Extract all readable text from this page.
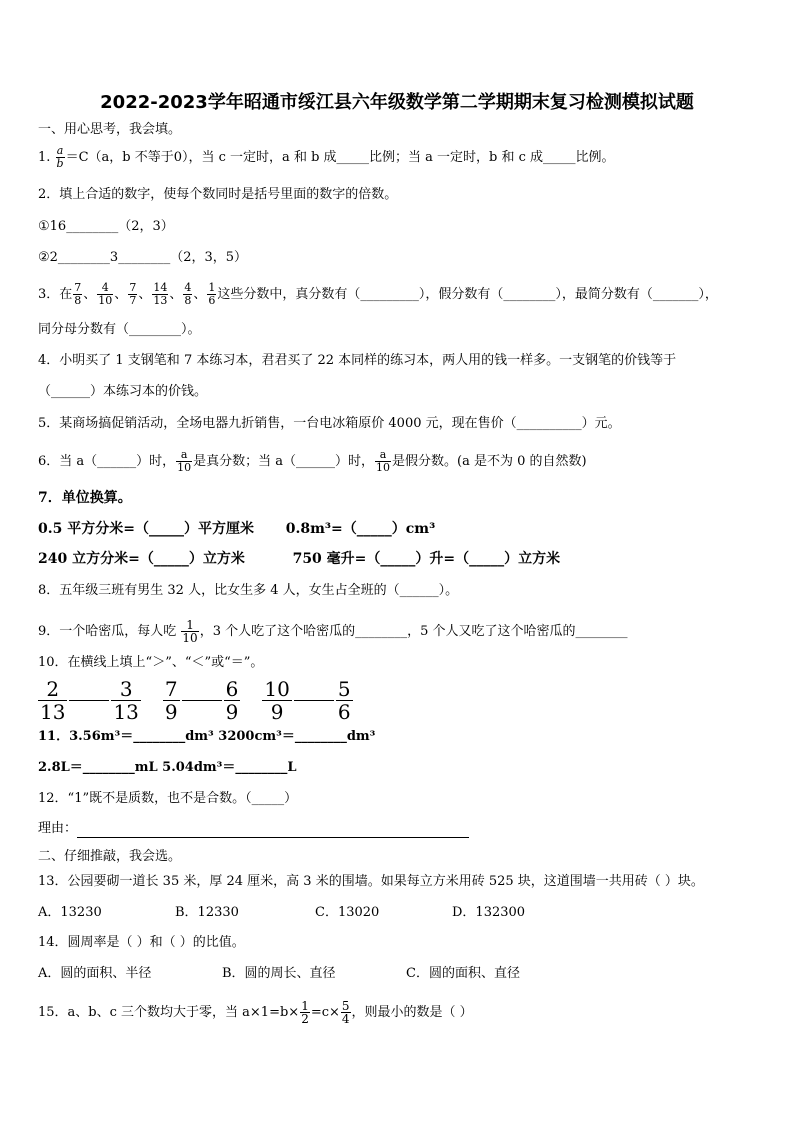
2022-2023学年昭通市绥江县六年级数学第二学期期末复习检测模拟试题
一、用心思考，我会填。
1. $\frac{a}{b} =C(a$，b 不等于0），当 c 一定时，a 和 b 成_____比例；当 a 一定时，b 和 c 成_____比例。
2．填上合适的数字，使每个数同时是括号里面的数字的倍数。
①16________（2，3）
②2________3________（2，3，5）
3．在 $\frac{7}{8}$ 、 $\frac{4}{10}$ 、 $\frac{7}{7}$ 、 $\frac{14}{13}$ 、 $\frac{4}{8}$ 、 $\frac{1}{6}$ 这些分数中，真分数有（_________），假分数有（________），最简分数有（_______），
同分母分数有（________）。
4．小明买了 1 支钢笔和 7 本练习本，君君买了 22 本同样的练习本，两人用的钱一样多。一支钢笔的价钱等于
（______）本练习本的价钱。
5．某商场搞促销活动，全场电器九折销售，一台电冰箱原价 4000 元，现在售价（__________）元。
6．当 a（______）时， $\frac{a}{10}$ 是真分数；当 a（______）时， $\frac{a}{10}$ 是假分数。(a 是不为 0 的自然数)
7．单位换算。
0.5 平方分米=（_____）平方厘米 0.8m³=（_____）cm³
240 立方分米=（_____）立方米	750 毫升=（_____）升=（_____）立方米
8．五年级三班有男生 32 人，比女生多 4 人，女生占全班的（______）。
9．一个哈密瓜，每人吃 $\frac{1}{10}$ ，3 个人吃了这个哈密瓜的________，5 个人又吃了这个哈密瓜的________
10．在横线上填上“＞”、“＜”或“＝”。
$\frac{2}{13} \frac{3}{13} \frac{7}{9} \frac{6}{9} \frac{10}{9} \frac{5}{6}$
11．3.56m³＝________dm³ 3200cm³＝________dm³
2.8L＝________mL 5.04dm³＝________L
12．“1”既不是质数，也不是合数。（_____）
理由：
二、仔细推敲，我会选。
13．公园要砌一道长 35 米，厚 24 厘米，高 3 米的围墙。如果每立方米用砖 525 块，这道围墙一共用砖（ ）块。
A．13230	B．12330	C．13020	D．132300
14．圆周率是（ ）和（ ）的比值。
A．圆的面积、半径	B．圆的周长、直径	C．圆的面积、直径
15．a、b、c 三个数均大于零，当 $a\times 1=b\times \frac{1}{2} =c\times \frac{5}{4}$ ，则最小的数是（ ）
